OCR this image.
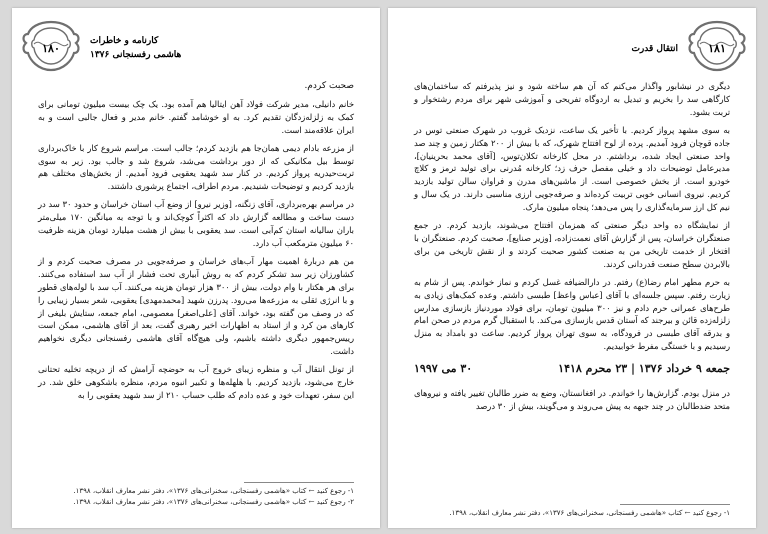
۱۸۰
کارنامه و خاطرات
هاشمی رفسنجانی ۱۳۷۶

صحبت کردم.

خانم دانیلی، مدیر شرکت فولاد آهن ایتالیا هم آمده بود. یک چک بیست میلیون تومانی برای کمک به زلزله‌زدگان تقدیم کرد. به او خوشامد گفتم. خانم مدیر و فعال جالبی است و به ایران علاقه‌مند است.

از مزرعه بادام دیمی همان‌جا هم بازدید کردم؛ جالب است. مراسم شروع کار با خاک‌برداری توسط بیل مکانیکی که از دور برداشت می‌شد، شروع شد و جالب بود. زیر به سوی تربت‌حیدریه پرواز کردیم. در کنار سد شهید یعقوبی فرود آمدیم. از بخش‌های مختلف هم بازدید کردیم و توضیحات شنیدیم. مردم اطراف، اجتماع پرشوری داشتند.

در مراسم بهره‌برداری، آقای زنگنه، [وزیر نیرو] از وضع آب استان خراسان و حدود ۳۰ سد در دست ساخت و مطالعه گزارش داد که اکثراً کوچک‌اند و با توجه به میانگین ۱۷۰ میلی‌متر باران سالیانه استان کم‌آبی است. سد یعقوبی با بیش از هشت میلیارد تومان هزینه ظرفیت ۶۰ میلیون مترمکعب آب دارد.

من هم دربارهٔ اهمیت مهار آب‌های خراسان و صرفه‌جویی در مصرف صحبت کردم و از کشاورزان زیر سد تشکر کردم که به روش آبیاری تحت فشار از آب سد استفاده می‌کنند. برای هر هکتار با وام دولت، بیش از ۳۰۰ هزار تومان هزینه می‌کنند. آب سد با لوله‌های قطور و با انرژی ثقلی به مزرعه‌ها می‌رود. پدرزن شهید [محمدمهدی] یعقوبی، شعر بسیار زیبایی را که در وصف من گفته بود، خواند. آقای [علی‌اصغر] معصومی، امام جمعه، ستایش بلیغی از کارهای من کرد و از استاد به اظهارات اخیر رهبری گفت، بعد از آقای هاشمی، ممکن است رییس‌جمهور دیگری داشته باشیم، ولی هیچ‌گاه آقای هاشمی رفسنجانی دیگری نخواهیم داشت.

از تونل انتقال آب و منظره زیبای خروج آب به حوضچه آرامش که از دریچه تخلیه تحتانی خارج می‌شود، بازدید کردیم. با هلهله‌ها و تکبیر انبوه مردم، منظره باشکوهی خلق شد. در این سفر، تعهدات خود و عده دادم که طلب حساب ۲۱۰ از سد شهید یعقوبی را به

۱- رجوع کنید ← کتاب «هاشمی رفسنجانی، سخنرانی‌های ۱۳۷۶»، دفتر نشر معارف انقلاب، ۱۳۹۸.
۲- رجوع کنید ← کتاب «هاشمی رفسنجانی، سخنرانی‌های ۱۳۷۶»، دفتر نشر معارف انقلاب، ۱۳۹۸.
۱۸۱
انتقال قدرت

دیگری در نیشابور واگذار می‌کنم که آن هم ساخته شود و نیز پذیرفتم که ساختمان‌های کارگاهی سد را بخریم و تبدیل به اردوگاه تفریحی و آموزشی شهر برای مردم رشتخوار و تربت بشود.

به سوی مشهد پرواز کردیم. با تأخیر یک ساعت، نزدیک غروب در شهرک صنعتی توس در جاده قوچان فرود آمدیم. پرده از لوح افتتاح شهرک، که با بیش از ۲۰۰ هکتار زمین و چند صد واحد صنعتی ایجاد شده، برداشتم. در محل کارخانه تکلان‌توس، [آقای محمد بحرینیان]، مدیرعامل توضیحات داد و خیلی مفصل حرف زد؛ کارخانه مُدرنی برای تولید ترمز و کلاچ خودرو است. از بخش خصوصی است. از ماشین‌های مدرن و فراوان سالن تولید بازدید کردیم. نیروی انسانی خوبی تربیت کرده‌اند و صرفه‌جویی ارزی مناسبی دارند. در یک سال و نیم کل ارز سرمایه‌گذاری را پس می‌دهد؛ پنجاه میلیون مارک.

از نمایشگاه ده واحد دیگر صنعتی که همزمان افتتاح می‌شوند، بازدید کردم. در جمع صنعتگران خراسان، پس از گزارش آقای نعمت‌زاده، [وزیر صنایع]، صحبت کردم. صنعتگران با افتخار از خدمت تاریخی من به صنعت کشور صحبت کردند و از نقش تاریخی من برای بالابردن سطح صنعت قدردانی کردند.

به حرم مطهر امام رضا(ع) رفتم. در دارالضیافه غسل کردم و نماز خواندم. پس از شام به زیارت رفتم. سپس جلسه‌ای با آقای [عباس واعظ] طبسی داشتم. وعده کمک‌های زیادی به طرح‌های عمرانی حرم دادم و نیز ۳۰۰ میلیون تومان، برای فولاد موردنیاز بازسازی مدارس زلزله‌زده قائن و بیرجند که آستان قدس بازسازی می‌کند. با استقبال گرم مردم در صحن امام و بدرقه آقای طبسی در فرودگاه، به سوی تهران پرواز کردیم. ساعت دو بامداد به منزل رسیدیم و با خستگی مفرط خوابیدیم.

جمعه ۹ خرداد ۱۳۷۶ | ۲۳ محرم ۱۴۱۸
۳۰ می ۱۹۹۷

در منزل بودم. گزارش‌ها را خواندم. در افغانستان، وضع به ضرر طالبان تغییر یافته و نیروهای متحد ضدطالبان در چند جبهه به پیش می‌روند و می‌گویند، بیش از ۳۰ درصد

۱- رجوع کنید ← کتاب «هاشمی رفسنجانی، سخنرانی‌های ۱۳۷۶»، دفتر نشر معارف انقلاب، ۱۳۹۸.
